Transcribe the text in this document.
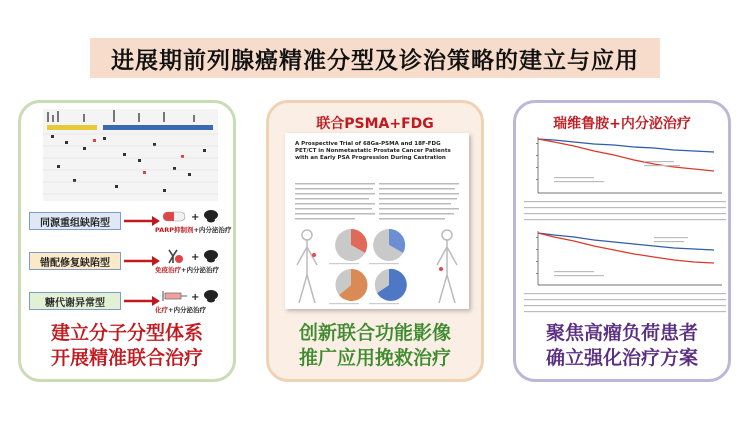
进展期前列腺癌精准分型及诊治策略的建立与应用
同源重组缺陷型	+
PARP抑制剂+内分泌治疗
错配修复缺陷型	+
免疫治疗+内分泌治疗
糖代谢异常型	+
化疗+内分泌治疗
建立分子分型体系
开展精准联合治疗
联合PSMA+FDG
A Prospective Trial of 68Ga-PSMA and 18F-FDG PET/CT in Nonmetastatic Prostate Cancer Patients with an Early PSA Progression During Castration
创新联合功能影像
推广应用挽救治疗
瑞维鲁胺+内分泌治疗
聚焦高瘤负荷患者
确立强化治疗方案
